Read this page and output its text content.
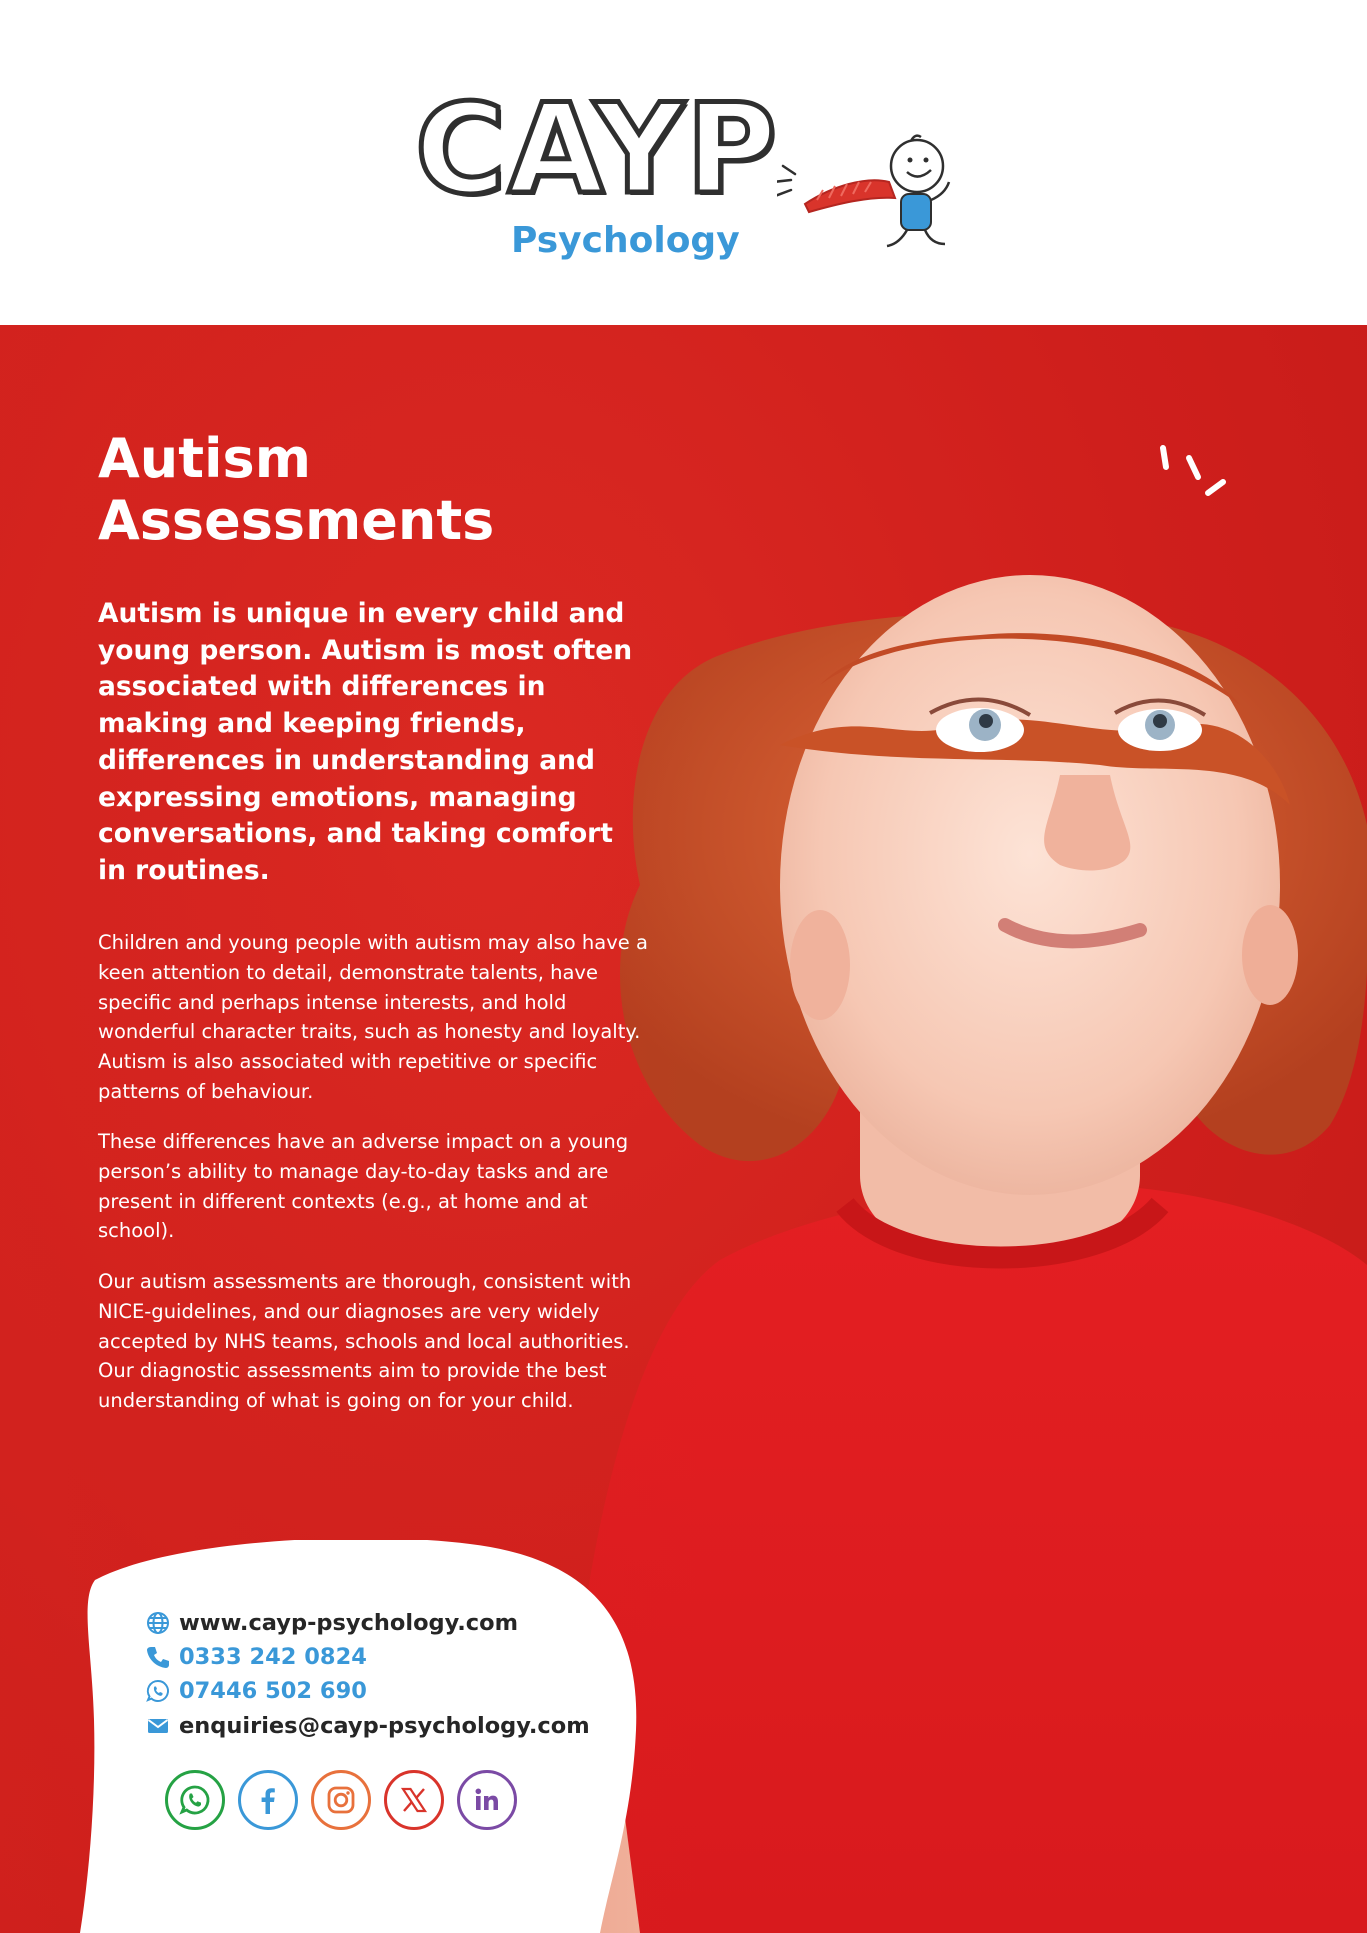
CAYP
Psychology
Autism
Assessments

Autism is unique in every child and young person. Autism is most often associated with differences in making and keeping friends, differences in understanding and expressing emotions, managing conversations, and taking comfort in routines.

Children and young people with autism may also have a keen attention to detail, demonstrate talents, have specific and perhaps intense interests, and hold wonderful character traits, such as honesty and loyalty. Autism is also associated with repetitive or specific patterns of behaviour.

These differences have an adverse impact on a young person’s ability to manage day-to-day tasks and are present in different contexts (e.g., at home and at school).

Our autism assessments are thorough, consistent with NICE-guidelines, and our diagnoses are very widely accepted by NHS teams, schools and local authorities. Our diagnostic assessments aim to provide the best understanding of what is going on for your child.

www.cayp-psychology.com
0333 242 0824
07446 502 690
enquiries@cayp-psychology.com
